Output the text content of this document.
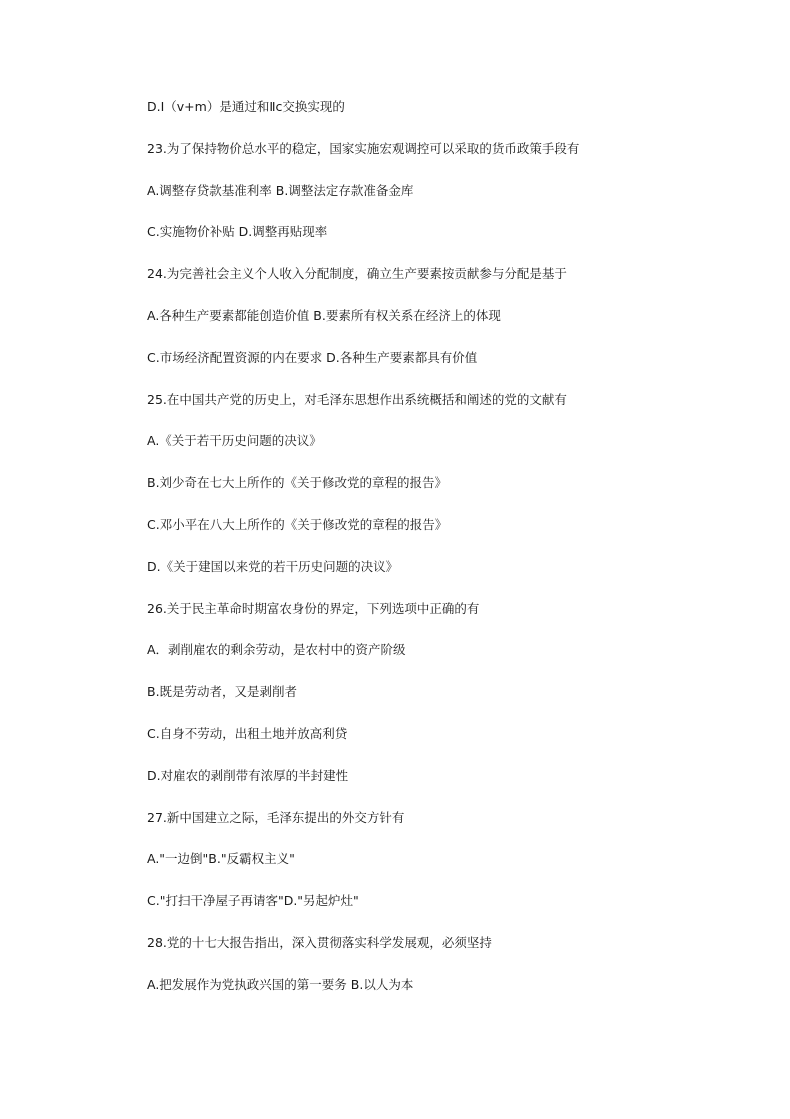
D.Ⅰ（v+m）是通过和Ⅱc交换实现的
23.为了保持物价总水平的稳定，国家实施宏观调控可以采取的货币政策手段有
A.调整存贷款基准利率 B.调整法定存款准备金库
C.实施物价补贴 D.调整再贴现率
24.为完善社会主义个人收入分配制度，确立生产要素按贡献参与分配是基于
A.各种生产要素都能创造价值 B.要素所有权关系在经济上的体现
C.市场经济配置资源的内在要求 D.各种生产要素都具有价值
25.在中国共产党的历史上，对毛泽东思想作出系统概括和阐述的党的文献有
A.《关于若干历史问题的决议》
B.刘少奇在七大上所作的《关于修改党的章程的报告》
C.邓小平在八大上所作的《关于修改党的章程的报告》
D.《关于建国以来党的若干历史问题的决议》
26.关于民主革命时期富农身份的界定，下列选项中正确的有
A．剥削雇农的剩余劳动，是农村中的资产阶级
B.既是劳动者，又是剥削者
C.自身不劳动，出租土地并放高利贷
D.对雇农的剥削带有浓厚的半封建性
27.新中国建立之际，毛泽东提出的外交方针有
A."一边倒"B."反霸权主义"
C."打扫干净屋子再请客"D."另起炉灶"
28.党的十七大报告指出，深入贯彻落实科学发展观，必须坚持
A.把发展作为党执政兴国的第一要务 B.以人为本
